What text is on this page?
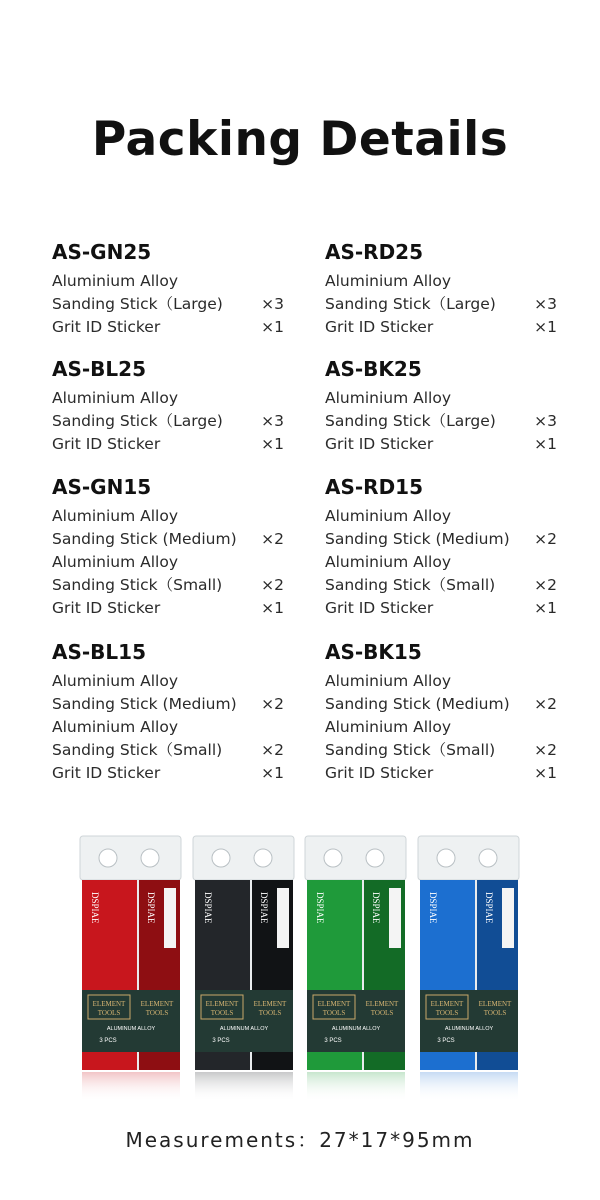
Packing Details
AS-GN25
Aluminium Alloy
Sanding Stick（Large) ×3
Grit ID Sticker	×1
AS-RD25
Aluminium Alloy
Sanding Stick（Large) ×3
Grit ID Sticker	×1
AS-BL25
Aluminium Alloy
Sanding Stick（Large) ×3
Grit ID Sticker	×1
AS-BK25
Aluminium Alloy
Sanding Stick（Large) ×3
Grit ID Sticker	×1
AS-GN15
Aluminium Alloy
Sanding Stick (Medium) ×2
Aluminium Alloy
Sanding Stick（Small)	×2
Grit ID Sticker	×1
AS-RD15
Aluminium Alloy
Sanding Stick (Medium) ×2
Aluminium Alloy
Sanding Stick（Small)	×2
Grit ID Sticker	×1
AS-BL15
Aluminium Alloy
Sanding Stick (Medium) ×2
Aluminium Alloy
Sanding Stick（Small)	×2
Grit ID Sticker	×1
AS-BK15
Aluminium Alloy
Sanding Stick (Medium) ×2
Aluminium Alloy
Sanding Stick（Small)	×2
Grit ID Sticker	×1
DSPIAE	DSPIAE
ELEMENT
TOOLS
ELEMENT
TOOLS
ALUMINUM ALLOY
3 PCS
DSPIAE	DSPIAE
ELEMENT
TOOLS
ELEMENT
TOOLS
ALUMINUM ALLOY
3 PCS
DSPIAE	DSPIAE
ELEMENT
TOOLS
ELEMENT
TOOLS
ALUMINUM ALLOY
3 PCS
DSPIAE	DSPIAE
ELEMENT
TOOLS
ELEMENT
TOOLS
ALUMINUM ALLOY
3 PCS
Measurements：27*17*95mm
